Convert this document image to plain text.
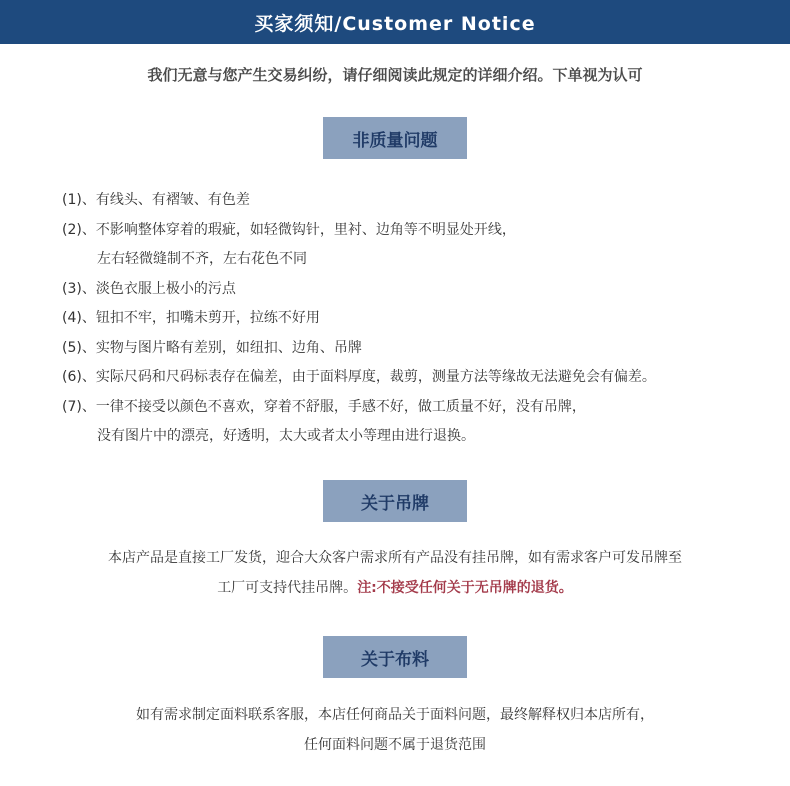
买家须知/Customer Notice
我们无意与您产生交易纠纷，请仔细阅读此规定的详细介绍。下单视为认可
非质量问题
(1)、有线头、有褶皱、有色差
(2)、不影响整体穿着的瑕疵，如轻微钩针，里衬、边角等不明显处开线，
左右轻微缝制不齐，左右花色不同
(3)、淡色衣服上极小的污点
(4)、钮扣不牢，扣嘴未剪开，拉练不好用
(5)、实物与图片略有差别，如纽扣、边角、吊牌
(6)、实际尺码和尺码标表存在偏差，由于面料厚度，裁剪，测量方法等缘故无法避免会有偏差。
(7)、一律不接受以颜色不喜欢，穿着不舒服，手感不好，做工质量不好，没有吊牌，
没有图片中的漂亮，好透明，太大或者太小等理由进行退换。
关于吊牌
本店产品是直接工厂发货，迎合大众客户需求所有产品没有挂吊牌，如有需求客户可发吊牌至
工厂可支持代挂吊牌。注:不接受任何关于无吊牌的退货。
关于布料
如有需求制定面料联系客服，本店任何商品关于面料问题，最终解释权归本店所有，
任何面料问题不属于退货范围
